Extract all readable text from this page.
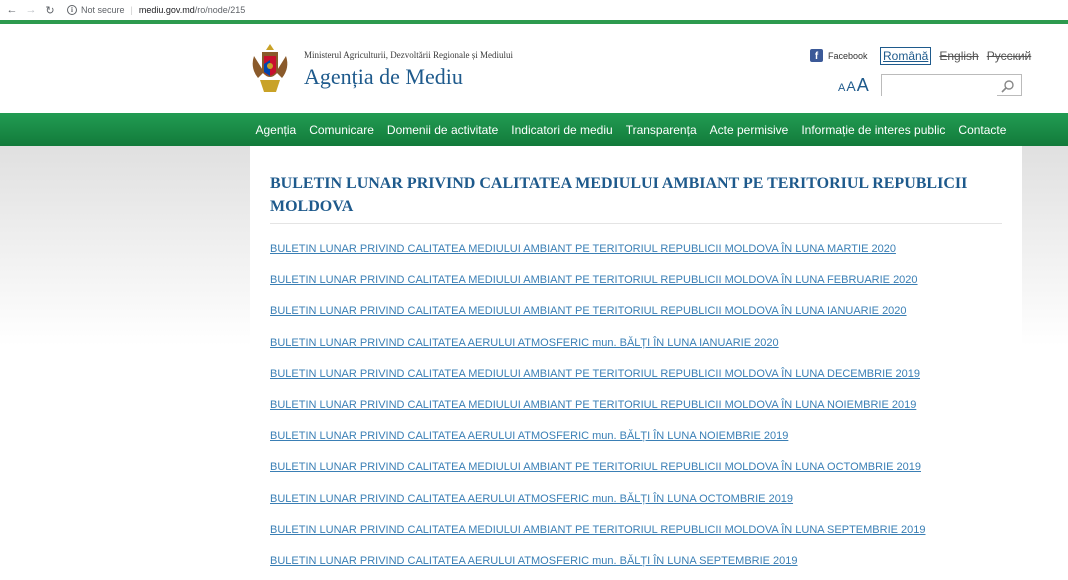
← → ↻	i Not secure | mediu.gov.md/ro/node/215
Ministerul Agriculturii, Dezvoltării Regionale și Mediului
Agenția de Mediu
f	Facebook Română English Русский
A A A
Agenția	Comunicare	Domenii de activitate	Indicatori de mediu	Transparența	Acte permisive	Informație de interes public	Contacte
BULETIN LUNAR PRIVIND CALITATEA MEDIULUI AMBIANT PE TERITORIUL REPUBLICII MOLDOVA
BULETIN LUNAR PRIVIND CALITATEA MEDIULUI AMBIANT PE TERITORIUL REPUBLICII MOLDOVA ÎN LUNA MARTIE 2020
BULETIN LUNAR PRIVIND CALITATEA MEDIULUI AMBIANT PE TERITORIUL REPUBLICII MOLDOVA ÎN LUNA FEBRUARIE 2020
BULETIN LUNAR PRIVIND CALITATEA MEDIULUI AMBIANT PE TERITORIUL REPUBLICII MOLDOVA ÎN LUNA IANUARIE 2020
BULETIN LUNAR PRIVIND CALITATEA AERULUI ATMOSFERIC mun. BĂLȚI ÎN LUNA IANUARIE 2020
BULETIN LUNAR PRIVIND CALITATEA MEDIULUI AMBIANT PE TERITORIUL REPUBLICII MOLDOVA ÎN LUNA DECEMBRIE 2019
BULETIN LUNAR PRIVIND CALITATEA MEDIULUI AMBIANT PE TERITORIUL REPUBLICII MOLDOVA ÎN LUNA NOIEMBRIE 2019
BULETIN LUNAR PRIVIND CALITATEA AERULUI ATMOSFERIC mun. BĂLȚI ÎN LUNA NOIEMBRIE 2019
BULETIN LUNAR PRIVIND CALITATEA MEDIULUI AMBIANT PE TERITORIUL REPUBLICII MOLDOVA ÎN LUNA OCTOMBRIE 2019
BULETIN LUNAR PRIVIND CALITATEA AERULUI ATMOSFERIC mun. BĂLȚI ÎN LUNA OCTOMBRIE 2019
BULETIN LUNAR PRIVIND CALITATEA MEDIULUI AMBIANT PE TERITORIUL REPUBLICII MOLDOVA ÎN LUNA SEPTEMBRIE 2019
BULETIN LUNAR PRIVIND CALITATEA AERULUI ATMOSFERIC mun. BĂLȚI ÎN LUNA SEPTEMBRIE 2019
